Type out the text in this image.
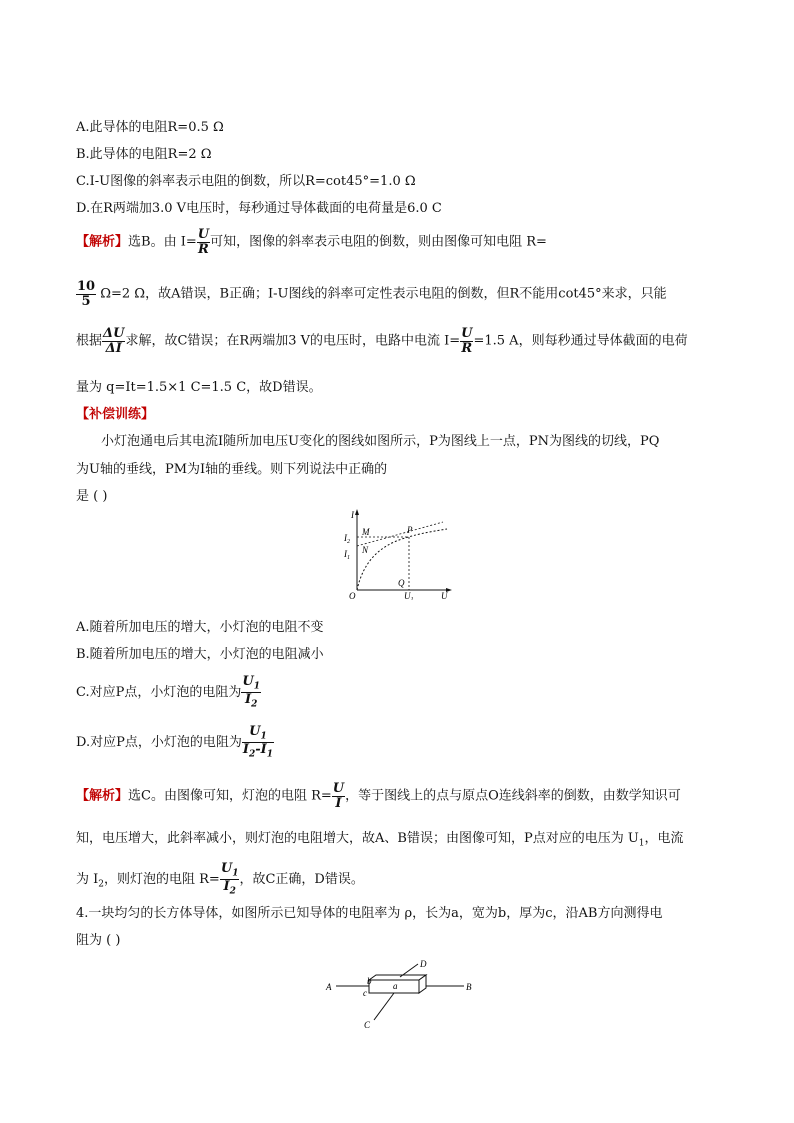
A.此导体的电阻R=0.5 Ω
B.此导体的电阻R=2 Ω
C.I-U图像的斜率表示电阻的倒数，所以R=cot45°=1.0 Ω
D.在R两端加3.0 V电压时，每秒通过导体截面的电荷量是6.0 C
【解析】选B。由 $I= \frac{U}{R}$ 可知，图像的斜率表示电阻的倒数，则由图像可知电阻 R=
$\frac{10}{5} \Omega=2$ Ω，故A错误，B正确；I-U图线的斜率可定性表示电阻的倒数，但R不能用cot45°来求，只能
根据 $\frac{\Delta U}{\Delta I}$ 求解，故C错误；在R两端加3 V的电压时，电路中电流 $I= \frac{U}{R} =1.5$ A，则每秒通过导体截面的电荷
量为 q=It=1.5×1 C=1.5 C，故D错误。
【补偿训练】
小灯泡通电后其电流I随所加电压U变化的图线如图所示，P为图线上一点，PN为图线的切线，PQ
为U轴的垂线，PM为I轴的垂线。则下列说法中正确的
是 ( )
I
$I_2$
$I_1$
M
N
P
Q
O	$U_1$	U
A.随着所加电压的增大，小灯泡的电阻不变
B.随着所加电压的增大，小灯泡的电阻减小
C.对应P点，小灯泡的电阻为 $\frac{U_1}{I_2}$
D.对应P点，小灯泡的电阻为 $\frac{U_1}{I_2-I_1}$
【解析】选C。由图像可知，灯泡的电阻 $R= \frac{U}{I}$ ，等于图线上的点与原点O连线斜率的倒数，由数学知识可
知，电压增大，此斜率减小，则灯泡的电阻增大，故A、B错误；由图像可知，P点对应的电压为 $U_1$，电流
为 $I_2$，则灯泡的电阻 $R= \frac{U_1}{I_2}$ ，故C正确，D错误。
4.一块均匀的长方体导体，如图所示已知导体的电阻率为 ρ，长为a，宽为b，厚为c，沿AB方向测得电
阻为 ( )
A	B
D
C
a
b
c
